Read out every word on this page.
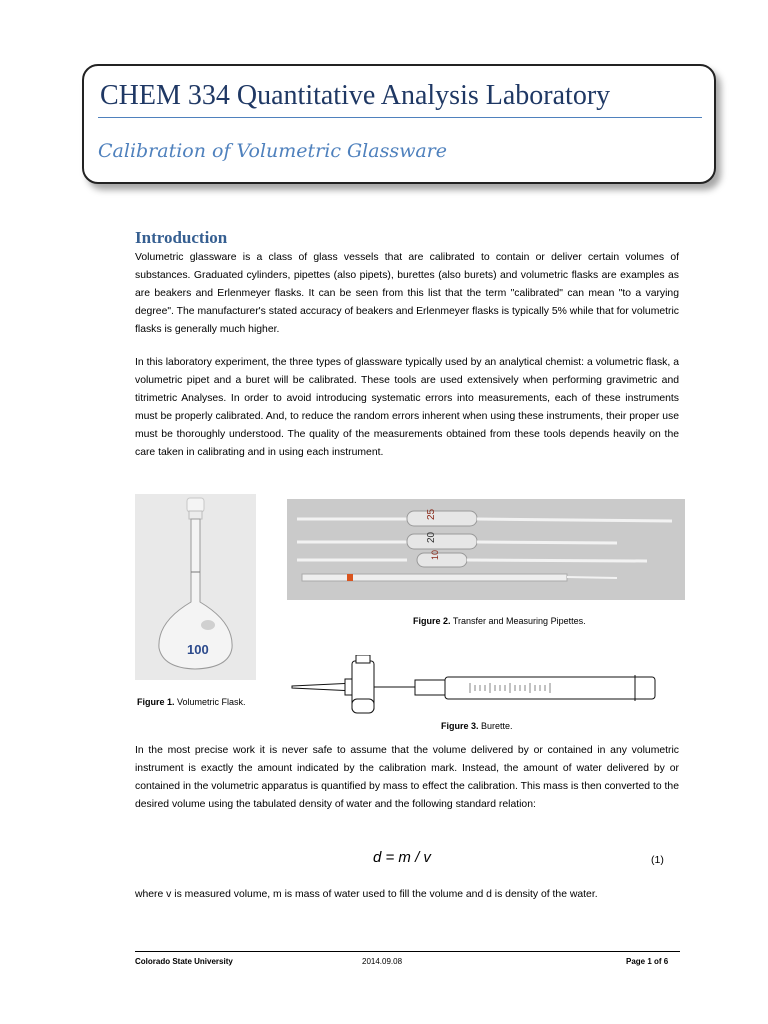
CHEM 334 Quantitative Analysis Laboratory
Calibration of Volumetric Glassware
Introduction
Volumetric glassware is a class of glass vessels that are calibrated to contain or deliver certain volumes of substances. Graduated cylinders, pipettes (also pipets), burettes (also burets) and volumetric flasks are examples as are beakers and Erlenmeyer flasks. It can be seen from this list that the term "calibrated" can mean "to a varying degree". The manufacturer's stated accuracy of beakers and Erlenmeyer flasks is typically 5% while that for volumetric flasks is generally much higher.
In this laboratory experiment, the three types of glassware typically used by an analytical chemist: a volumetric flask, a volumetric pipet and a buret will be calibrated. These tools are used extensively when performing gravimetric and titrimetric Analyses. In order to avoid introducing systematic errors into measurements, each of these instruments must be properly calibrated. And, to reduce the random errors inherent when using these instruments, their proper use must be thoroughly understood. The quality of the measurements obtained from these tools depends heavily on the care taken in calibrating and in using each instrument.
100
Figure 1. Volumetric Flask.
25
20
10
Figure 2. Transfer and Measuring Pipettes.
Figure 3. Burette.
In the most precise work it is never safe to assume that the volume delivered by or contained in any volumetric instrument is exactly the amount indicated by the calibration mark. Instead, the amount of water delivered by or contained in the volumetric apparatus is quantified by mass to effect the calibration. This mass is then converted to the desired volume using the tabulated density of water and the following standard relation:
d = m / v	(1)
where v is measured volume, m is mass of water used to fill the volume and d is density of the water.
Colorado State University	2014.09.08	Page 1 of 6
